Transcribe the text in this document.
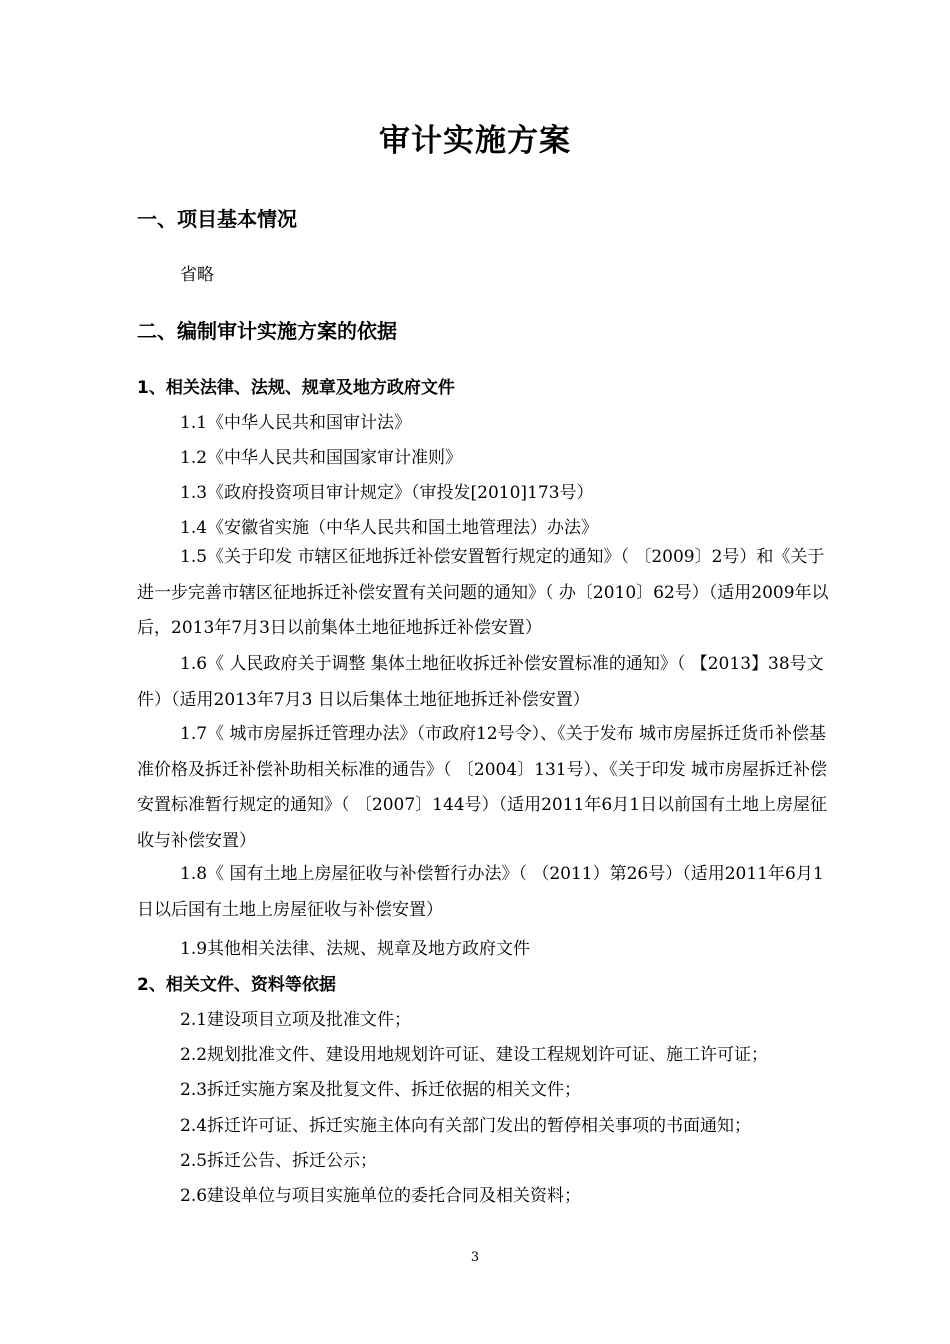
审计实施方案
一、项目基本情况
省略
二、编制审计实施方案的依据
1、相关法律、法规、规章及地方政府文件
1.1《中华人民共和国审计法》
1.2《中华人民共和国国家审计准则》
1.3《政府投资项目审计规定》（审投发[2010]173号）
1.4《安徽省实施（中华人民共和国土地管理法）办法》
1.5《关于印发 市辖区征地拆迁补偿安置暂行规定的通知》（ 〔2009〕2号）和《关于进一步完善市辖区征地拆迁补偿安置有关问题的通知》（ 办〔2010〕62号）（适用2009年以后，2013年7月3日以前集体土地征地拆迁补偿安置）
1.6《 人民政府关于调整 集体土地征收拆迁补偿安置标准的通知》（ 【2013】38号文件）（适用2013年7月3 日以后集体土地征地拆迁补偿安置）
1.7《 城市房屋拆迁管理办法》（市政府12号令）、《关于发布 城市房屋拆迁货币补偿基准价格及拆迁补偿补助相关标准的通告》（ 〔2004〕131号）、《关于印发 城市房屋拆迁补偿安置标准暂行规定的通知》（ 〔2007〕144号）（适用2011年6月1日以前国有土地上房屋征收与补偿安置）
1.8《 国有土地上房屋征收与补偿暂行办法》（ （2011）第26号）（适用2011年6月1日以后国有土地上房屋征收与补偿安置）
1.9其他相关法律、法规、规章及地方政府文件
2、相关文件、资料等依据
2.1建设项目立项及批准文件；
2.2规划批准文件、建设用地规划许可证、建设工程规划许可证、施工许可证；
2.3拆迁实施方案及批复文件、拆迁依据的相关文件；
2.4拆迁许可证、拆迁实施主体向有关部门发出的暂停相关事项的书面通知；
2.5拆迁公告、拆迁公示；
2.6建设单位与项目实施单位的委托合同及相关资料；
3
